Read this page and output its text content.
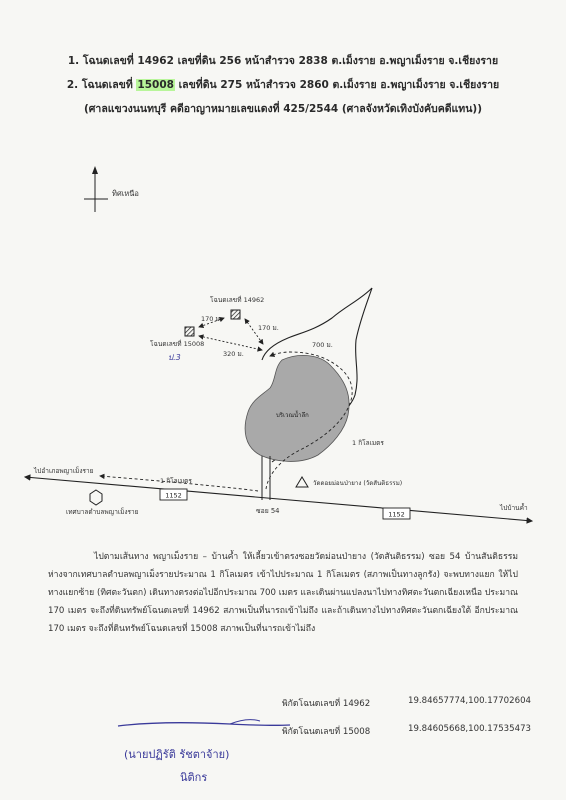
1. โฉนดเลขที่ 14962 เลขที่ดิน 256 หน้าสำรวจ 2838 ต.เม็งราย อ.พญาเม็งราย จ.เชียงราย
2. โฉนดเลขที่ 15008 เลขที่ดิน 275 หน้าสำรวจ 2860 ต.เม็งราย อ.พญาเม็งราย จ.เชียงราย
(ศาลแขวงนนทบุรี คดีอาญาหมายเลขแดงที่ 425/2544 (ศาลจังหวัดเทิงบังคับคดีแทน))
ทิศเหนือ
โฉนดเลขที่ 14962
โฉนดเลขที่ 15008
ป.3
170 ม.
170 ม.
320 ม.
บริเวณน้ำลึก
700 ม.
1 กิโลเมตร
วัดดอยม่อนป่ายาง (วัดสันติธรรม)
ไปอำเภอพญาเม็งราย
ไปบ้านค้ำ
1 กิโลเมตร
1152
1152
ซอย 54
เทศบาลตำบลพญาเม็งราย
ไปตามเส้นทาง พญาเม็งราย – บ้านค้ำ ให้เลี้ยวเข้าตรงซอยวัดม่อนป่ายาง (วัดสันติธรรม) ซอย 54 บ้านสันติธรรม ห่างจากเทศบาลตำบลพญาเม็งรายประมาณ 1 กิโลเมตร เข้าไปประมาณ 1 กิโลเมตร (สภาพเป็นทางลูกรัง) จะพบทางแยก ให้ไปทางแยกซ้าย (ทิศตะวันตก) เดินทางตรงต่อไปอีกประมาณ 700 เมตร และเดินผ่านแปลงนาไปทางทิศตะวันตกเฉียงเหนือ ประมาณ 170 เมตร จะถึงที่ดินทรัพย์โฉนดเลขที่ 14962 สภาพเป็นที่นารถเข้าไม่ถึง และถ้าเดินทางไปทางทิศตะวันตกเฉียงใต้ อีกประมาณ 170 เมตร จะถึงที่ดินทรัพย์โฉนดเลขที่ 15008 สภาพเป็นที่นารถเข้าไม่ถึง
พิกัดโฉนดเลขที่ 14962	19.84657774,100.17702604
พิกัดโฉนดเลขที่ 15008	19.84605668,100.17535473
(นายปฏิรัติ รัชตาจ้าย)
นิติกร
